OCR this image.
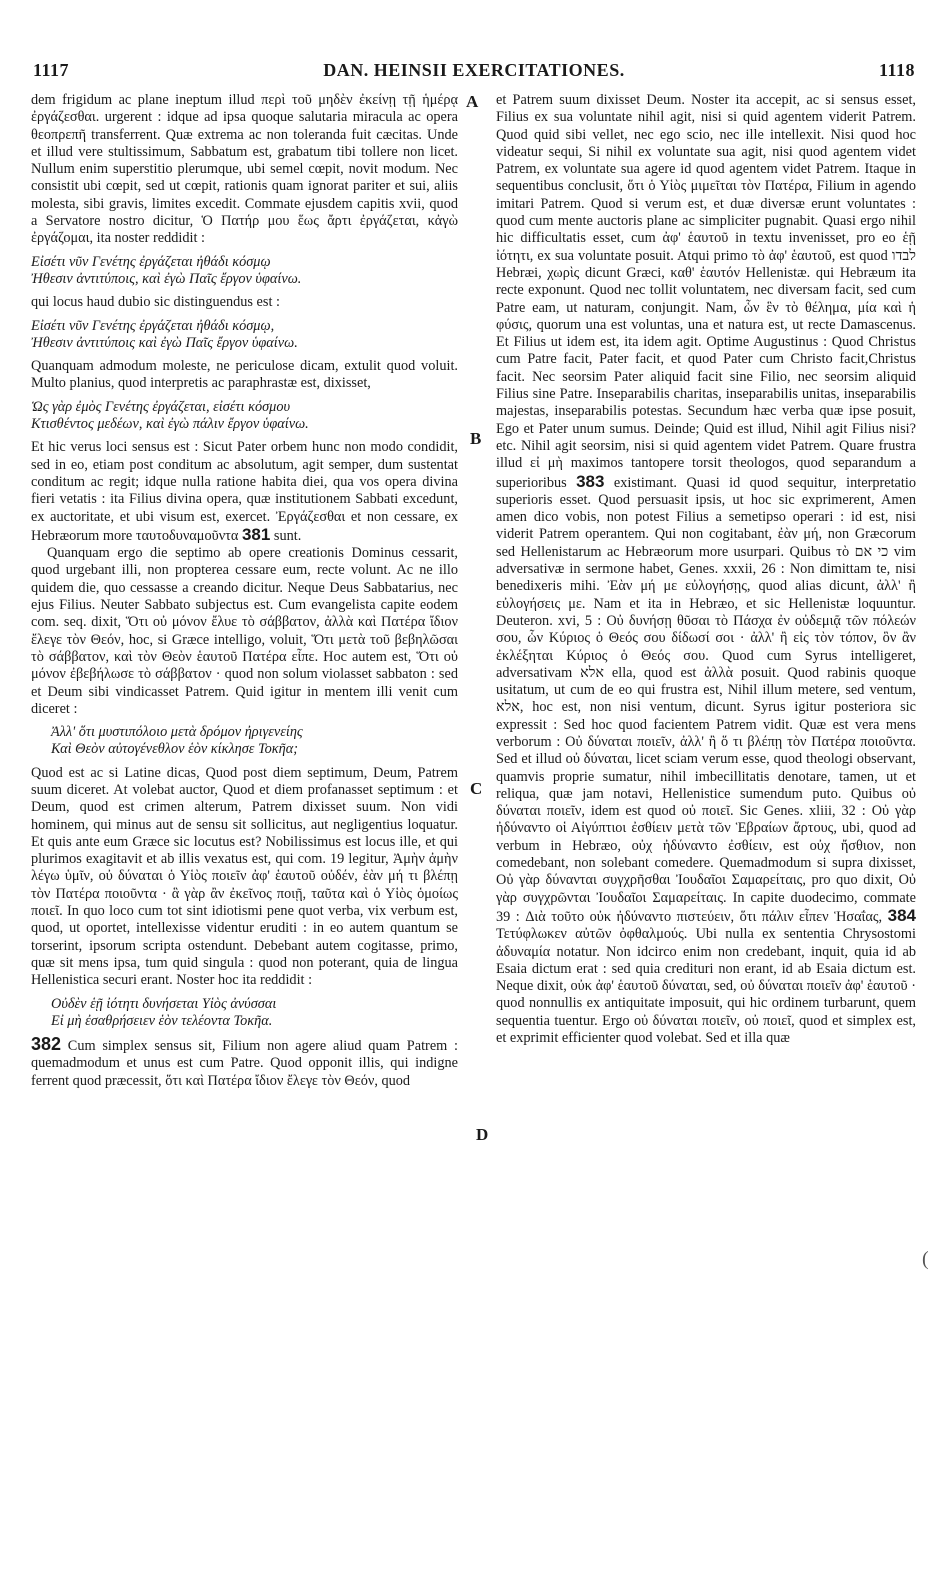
1117	DAN. HEINSII EXERCITATIONES.	1118
A
B
C
D
(

dem frigidum ac plane ineptum illud περὶ τοῦ μηδὲν ἐκείνῃ τῇ ἡμέρᾳ ἐργάζεσθαι. urgerent : idque ad ipsa quoque salutaria miracula ac opera θεοπρεπῆ transferrent. Quæ extrema ac non toleranda fuit cæcitas. Unde et illud vere stultissimum, Sabbatum est, grabatum tibi tollere non licet. Nullum enim superstitio plerumque, ubi semel cœpit, novit modum. Nec consistit ubi cœpit, sed ut cœpit, rationis quam ignorat pariter et sui, aliis molesta, sibi gravis, limites excedit. Commate ejusdem capitis xvii, quod a Servatore nostro dicitur, Ὁ Πατήρ μου ἕως ἄρτι ἐργάζεται, κἀγὼ ἐργάζομαι, ita noster reddidit :

Εἰσέτι νῦν Γενέτης ἐργάζεται ἠθάδι κόσμῳ
Ἠθεσιν ἀντιτύποις, καὶ ἐγὼ Παῖς ἔργον ὑφαίνω.

qui locus haud dubio sic distinguendus est :

Εἰσέτι νῦν Γενέτης ἐργάζεται ἠθάδι κόσμῳ,
Ἠθεσιν ἀντιτύποις καὶ ἐγὼ Παῖς ἔργον ὑφαίνω.

Quanquam admodum moleste, ne periculose dicam, extulit quod voluit. Multo planius, quod interpretis ac paraphrastæ est, dixisset,

Ὡς γὰρ ἐμὸς Γενέτης ἐργάζεται, εἰσέτι κόσμου
Κτισθέντος μεδέων, καὶ ἐγὼ πάλιν ἔργον ὑφαίνω.

Et hic verus loci sensus est : Sicut Pater orbem hunc non modo condidit, sed in eo, etiam post conditum ac absolutum, agit semper, dum sustentat conditum ac regit; idque nulla ratione habita diei, qua vos opera divina fieri vetatis : ita Filius divina opera, quæ institutionem Sabbati excedunt, ex auctoritate, et ubi visum est, exercet. Ἐργάζεσθαι et non cessare, ex Hebræorum more ταυτοδυναμοῦντα 381 sunt.

Quanquam ergo die septimo ab opere creationis Dominus cessarit, quod urgebant illi, non propterea cessare eum, recte volunt. Ac ne illo quidem die, quo cessasse a creando dicitur. Neque Deus Sabbatarius, nec ejus Filius. Neuter Sabbato subjectus est. Cum evangelista capite eodem com. seq. dixit, Ὅτι οὐ μόνον ἔλυε τὸ σάββατον, ἀλλὰ καὶ Πατέρα ἴδιον ἔλεγε τὸν Θεόν, hoc, si Græce intelligo, voluit, Ὅτι μετὰ τοῦ βεβηλῶσαι τὸ σάββατον, καὶ τὸν Θεὸν ἑαυτοῦ Πατέρα εἶπε. Hoc autem est, Ὅτι οὐ μόνον ἐβεβήλωσε τὸ σάββατον · quod non solum violasset sabbaton : sed et Deum sibi vindicasset Patrem. Quid igitur in mentem illi venit cum diceret :

Ἀλλ' ὅτι μυστιπόλοιο μετὰ δρόμον ἠριγενείης
Καὶ Θεὸν αὐτογένεθλον ἑὸν κίκλησε Τοκῆα;

Quod est ac si Latine dicas, Quod post diem septimum, Deum, Patrem suum diceret. At volebat auctor, Quod et diem profanasset septimum : et Deum, quod est crimen alterum, Patrem dixisset suum. Non vidi hominem, qui minus aut de sensu sit sollicitus, aut negligentius loquatur. Et quis ante eum Græce sic locutus est? Nobilissimus est locus ille, et qui plurimos exagitavit et ab illis vexatus est, qui com. 19 legitur, Ἀμὴν ἀμὴν λέγω ὑμῖν, οὐ δύναται ὁ Υἱὸς ποιεῖν ἀφ' ἑαυτοῦ οὐδέν, ἐὰν μή τι βλέπῃ τὸν Πατέρα ποιοῦντα · ἃ γὰρ ἂν ἐκεῖνος ποιῇ, ταῦτα καὶ ὁ Υἱὸς ὁμοίως ποιεῖ. In quo loco cum tot sint idiotismi pene quot verba, vix verbum est, quod, ut oportet, intellexisse videntur eruditi : in eo autem quantum se torserint, ipsorum scripta ostendunt. Debebant autem cogitasse, primo, quæ sit mens ipsa, tum quid singula : quod non poterant, quia de lingua Hellenistica securi erant. Noster hoc ita reddidit :

Οὐδὲν ἑῇ ἰότητι δυνήσεται Υἱὸς ἀνύσσαι
Εἰ μὴ ἐσαθρήσειεν ἑὸν τελέοντα Τοκῆα.

382 Cum simplex sensus sit, Filium non agere aliud quam Patrem : quemadmodum et unus est cum Patre. Quod opponit illis, qui indigne ferrent quod præcessit, ὅτι καὶ Πατέρα ἴδιον ἔλεγε τὸν Θεόν, quod

et Patrem suum dixisset Deum. Noster ita accepit, ac si sensus esset, Filius ex sua voluntate nihil agit, nisi si quid agentem viderit Patrem. Quod quid sibi vellet, nec ego scio, nec ille intellexit. Nisi quod hoc videatur sequi, Si nihil ex voluntate sua agit, nisi quod agentem videt Patrem, ex voluntate sua agere id quod agentem videt Patrem. Itaque in sequentibus conclusit, ὅτι ὁ Υἱὸς μιμεῖται τὸν Πατέρα, Filium in agendo imitari Patrem. Quod si verum est, et duæ diversæ erunt voluntates : quod cum mente auctoris plane ac simpliciter pugnabit. Quasi ergo nihil hic difficultatis esset, cum ἀφ' ἑαυτοῦ in textu invenisset, pro eo ἑῇ ἰότητι, ex sua voluntate posuit. Atqui primo τὸ ἀφ' ἑαυτοῦ, est quod לבדו Hebræi, χωρὶς dicunt Græci, καθ' ἑαυτόν Hellenistæ. qui Hebræum ita recte exponunt. Quod nec tollit voluntatem, nec diversam facit, sed cum Patre eam, ut naturam, conjungit. Nam, ὧν ἓν τὸ θέλημα, μία καὶ ἡ φύσις, quorum una est voluntas, una et natura est, ut recte Damascenus. Et Filius ut idem est, ita idem agit. Optime Augustinus : Quod Christus cum Patre facit, Pater facit, et quod Pater cum Christo facit,Christus facit. Nec seorsim Pater aliquid facit sine Filio, nec seorsim aliquid Filius sine Patre. Inseparabilis charitas, inseparabilis unitas, inseparabilis majestas, inseparabilis potestas. Secundum hæc verba quæ ipse posuit, Ego et Pater unum sumus. Deinde; Quid est illud, Nihil agit Filius nisi? etc. Nihil agit seorsim, nisi si quid agentem videt Patrem. Quare frustra illud εἰ μὴ maximos tantopere torsit theologos, quod separandum a superioribus 383 existimant. Quasi id quod sequitur, interpretatio superioris esset. Quod persuasit ipsis, ut hoc sic exprimerent, Amen amen dico vobis, non potest Filius a semetipso operari : id est, nisi viderit Patrem operantem. Qui non cogitabant, ἐὰν μή, non Græcorum sed Hellenistarum ac Hebræorum more usurpari. Quibus τὸ כי אם vim adversativæ in sermone habet, Genes. xxxii, 26 : Non dimittam te, nisi benedixeris mihi. Ἐὰν μή με εὐλογήσῃς, quod alias dicunt, ἀλλ' ἢ εὐλογήσεις με. Nam et ita in Hebræo, et sic Hellenistæ loquuntur. Deuteron. xvi, 5 : Οὐ δυνήσῃ θῦσαι τὸ Πάσχα ἐν οὐδεμιᾷ τῶν πόλεών σου, ὧν Κύριος ὁ Θεός σου δίδωσί σοι · ἀλλ' ἢ εἰς τὸν τόπον, ὃν ἂν ἐκλέξηται Κύριος ὁ Θεός σου. Quod cum Syrus intelligeret, adversativam אלא ella, quod est ἀλλὰ posuit. Quod rabinis quoque usitatum, ut cum de eo qui frustra est, Nihil illum metere, sed ventum, אלא, hoc est, non nisi ventum, dicunt. Syrus igitur posteriora sic expressit : Sed hoc quod facientem Patrem vidit. Quæ est vera mens verborum : Οὐ δύναται ποιεῖν, ἀλλ' ἢ ὅ τι βλέπῃ τὸν Πατέρα ποιοῦντα. Sed et illud οὐ δύναται, licet sciam verum esse, quod theologi observant, quamvis proprie sumatur, nihil imbecillitatis denotare, tamen, ut et reliqua, quæ jam notavi, Hellenistice sumendum puto. Quibus οὐ δύναται ποιεῖν, idem est quod οὐ ποιεῖ. Sic Genes. xliii, 32 : Οὐ γὰρ ἠδύναντο οἱ Αἰγύπτιοι ἐσθίειν μετὰ τῶν Ἑβραίων ἄρτους, ubi, quod ad verbum in Hebræo, οὐχ ἠδύναντο ἐσθίειν, est οὐχ ἤσθιον, non comedebant, non solebant comedere. Quemadmodum si supra dixisset, Οὐ γὰρ δύνανται συγχρῆσθαι Ἰουδαῖοι Σαμαρείταις, pro quo dixit, Οὐ γὰρ συγχρῶνται Ἰουδαῖοι Σαμαρείταις. In capite duodecimo, commate 39 : Διὰ τοῦτο οὐκ ἠδύναντο πιστεύειν, ὅτι πάλιν εἶπεν Ἡσαΐας, 384 Τετύφλωκεν αὐτῶν ὀφθαλμούς. Ubi nulla ex sententia Chrysostomi ἀδυναμία notatur. Non idcirco enim non credebant, inquit, quia id ab Esaia dictum erat : sed quia credituri non erant, id ab Esaia dictum est. Neque dixit, οὐκ ἀφ' ἑαυτοῦ δύναται, sed, οὐ δύναται ποιεῖν ἀφ' ἑαυτοῦ · quod nonnullis ex antiquitate imposuit, qui hic ordinem turbarunt, quem sequentia tuentur. Ergo οὐ δύναται ποιεῖν, οὐ ποιεῖ, quod et simplex est, et exprimit efficienter quod volebat. Sed et illa quæ
